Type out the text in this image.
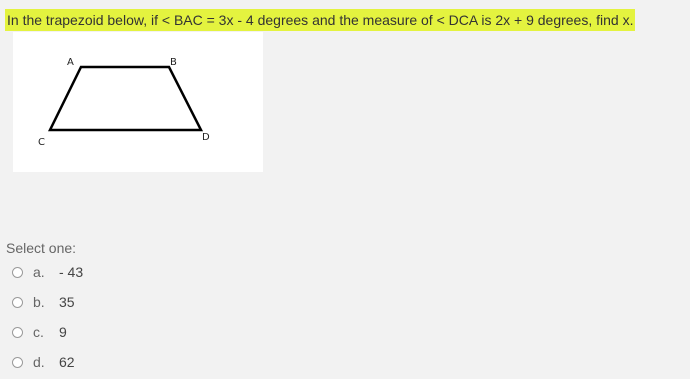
In the trapezoid below, if < BAC = 3x - 4 degrees and the measure of < DCA is 2x + 9 degrees, find x.
A	B
C	D
Select one:
a.	- 43
b.	35
c.	9
d.	62
